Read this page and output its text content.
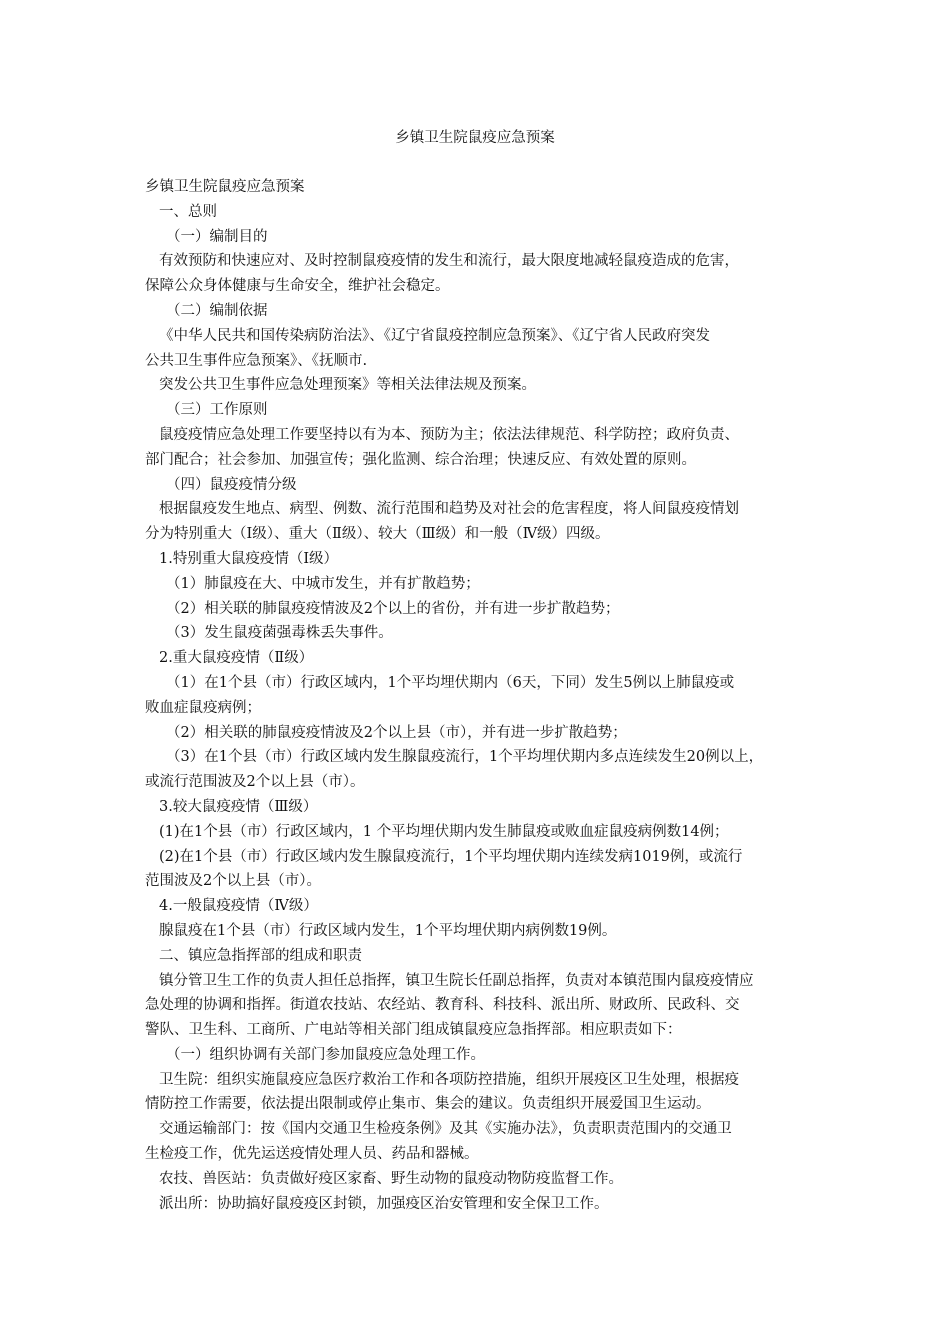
乡镇卫生院鼠疫应急预案

乡镇卫生院鼠疫应急预案

一、总则

（一）编制目的

有效预防和快速应对、及时控制鼠疫疫情的发生和流行，最大限度地减轻鼠疫造成的危害，

保障公众身体健康与生命安全，维护社会稳定。

（二）编制依据

《中华人民共和国传染病防治法》、《辽宁省鼠疫控制应急预案》、《辽宁省人民政府突发

公共卫生事件应急预案》、《抚顺市.

突发公共卫生事件应急处理预案》等相关法律法规及预案。

（三）工作原则

鼠疫疫情应急处理工作要坚持以有为本、预防为主；依法法律规范、科学防控；政府负责、

部门配合；社会参加、加强宣传；强化监测、综合治理；快速反应、有效处置的原则。

（四）鼠疫疫情分级

根据鼠疫发生地点、病型、例数、流行范围和趋势及对社会的危害程度，将人间鼠疫疫情划

分为特别重大（Ⅰ级）、重大（Ⅱ级）、较大（Ⅲ级）和一般（Ⅳ级）四级。

1.特别重大鼠疫疫情（Ⅰ级）

（1）肺鼠疫在大、中城市发生，并有扩散趋势；

（2）相关联的肺鼠疫疫情波及2个以上的省份，并有进一步扩散趋势；

（3）发生鼠疫菌强毒株丢失事件。

2.重大鼠疫疫情（Ⅱ级）

（1）在1个县（市）行政区域内，1个平均埋伏期内（6天，下同）发生5例以上肺鼠疫或

败血症鼠疫病例；

（2）相关联的肺鼠疫疫情波及2个以上县（市），并有进一步扩散趋势；

（3）在1个县（市）行政区域内发生腺鼠疫流行，1个平均埋伏期内多点连续发生20例以上，

或流行范围波及2个以上县（市）。

3.较大鼠疫疫情（Ⅲ级）

(1)在1个县（市）行政区域内，1 个平均埋伏期内发生肺鼠疫或败血症鼠疫病例数14例；

(2)在1个县（市）行政区域内发生腺鼠疫流行，1个平均埋伏期内连续发病1019例，或流行

范围波及2个以上县（市）。

4.一般鼠疫疫情（Ⅳ级）

腺鼠疫在1个县（市）行政区域内发生，1个平均埋伏期内病例数19例。

二、镇应急指挥部的组成和职责

镇分管卫生工作的负责人担任总指挥，镇卫生院长任副总指挥，负责对本镇范围内鼠疫疫情应

急处理的协调和指挥。街道农技站、农经站、教育科、科技科、派出所、财政所、民政科、交

警队、卫生科、工商所、广电站等相关部门组成镇鼠疫应急指挥部。相应职责如下：

（一）组织协调有关部门参加鼠疫应急处理工作。

卫生院：组织实施鼠疫应急医疗救治工作和各项防控措施，组织开展疫区卫生处理，根据疫

情防控工作需要，依法提出限制或停止集市、集会的建议。负责组织开展爱国卫生运动。

交通运输部门：按《国内交通卫生检疫条例》及其《实施办法》，负责职责范围内的交通卫

生检疫工作，优先运送疫情处理人员、药品和器械。

农技、兽医站：负责做好疫区家畜、野生动物的鼠疫动物防疫监督工作。

派出所：协助搞好鼠疫疫区封锁，加强疫区治安管理和安全保卫工作。
